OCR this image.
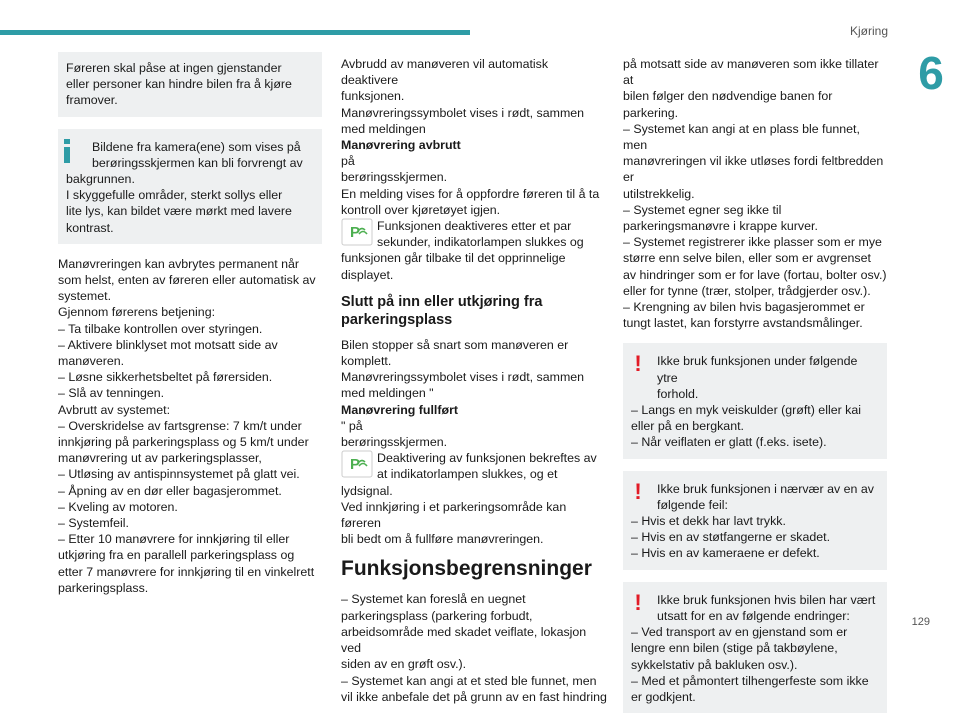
Kjøring
6
129
Føreren skal påse at ingen gjenstander
eller personer kan hindre bilen fra å kjøre
framover.
Bildene fra kamera(ene) som vises på
berøringsskjermen kan bli forvrengt av
bakgrunnen.
I skyggefulle områder, sterkt sollys eller
lite lys, kan bildet være mørkt med lavere
kontrast.
Manøvreringen kan avbrytes permanent når
som helst, enten av føreren eller automatisk av
systemet.
Gjennom førerens betjening:
– Ta tilbake kontrollen over styringen.
– Aktivere blinklyset mot motsatt side av
manøveren.
– Løsne sikkerhetsbeltet på førersiden.
– Slå av tenningen.
Avbrutt av systemet:
– Overskridelse av fartsgrense: 7 km/t under
innkjøring på parkeringsplass og 5 km/t under
manøvrering ut av parkeringsplasser,
– Utløsing av antispinnsystemet på glatt vei.
– Åpning av en dør eller bagasjerommet.
– Kveling av motoren.
– Systemfeil.
– Etter 10 manøvrere for innkjøring til eller
utkjøring fra en parallell parkeringsplass og
etter 7 manøvrere for innkjøring til en vinkelrett
parkeringsplass.
Avbrudd av manøveren vil automatisk deaktivere
funksjonen.
Manøvreringssymbolet vises i rødt, sammen
med meldingen
Manøvrering avbrutt
på
berøringsskjermen.
En melding vises for å oppfordre føreren til å ta
kontroll over kjøretøyet igjen.
P	Funksjonen deaktiveres etter et par
sekunder, indikatorlampen slukkes og
funksjonen går tilbake til det opprinnelige
displayet.
Slutt på inn eller utkjøring fra
parkeringsplass
Bilen stopper så snart som manøveren er
komplett.
Manøvreringssymbolet vises i rødt, sammen
med meldingen "
Manøvrering fullført
" på
berøringsskjermen.
P	Deaktivering av funksjonen bekreftes av
at indikatorlampen slukkes, og et
lydsignal.
Ved innkjøring i et parkeringsområde kan føreren
bli bedt om å fullføre manøvreringen.
Funksjonsbegrensninger
– Systemet kan foreslå en uegnet
parkeringsplass (parkering forbudt,
arbeidsområde med skadet veiflate, lokasjon ved
siden av en grøft osv.).
– Systemet kan angi at et sted ble funnet, men
vil ikke anbefale det på grunn av en fast hindring
på motsatt side av manøveren som ikke tillater at
bilen følger den nødvendige banen for parkering.
– Systemet kan angi at en plass ble funnet, men
manøvreringen vil ikke utløses fordi feltbredden er
utilstrekkelig.
– Systemet egner seg ikke til
parkeringsmanøvre i krappe kurver.
– Systemet registrerer ikke plasser som er mye
større enn selve bilen, eller som er avgrenset
av hindringer som er for lave (fortau, bolter osv.)
eller for tynne (trær, stolper, trådgjerder osv.).
– Krengning av bilen hvis bagasjerommet er
tungt lastet, kan forstyrre avstandsmålinger.
! Ikke bruk funksjonen under følgende ytre
forhold.
– Langs en myk veiskulder (grøft) eller kai
eller på en bergkant.
– Når veiflaten er glatt (f.eks. isete).
! Ikke bruk funksjonen i nærvær av en av
følgende feil:
– Hvis et dekk har lavt trykk.
– Hvis en av støtfangerne er skadet.
– Hvis en av kameraene er defekt.
! Ikke bruk funksjonen hvis bilen har vært
utsatt for en av følgende endringer:
– Ved transport av en gjenstand som er
lengre enn bilen (stige på takbøylene,
sykkelstativ på bakluken osv.).
– Med et påmontert tilhengerfeste som ikke
er godkjent.
